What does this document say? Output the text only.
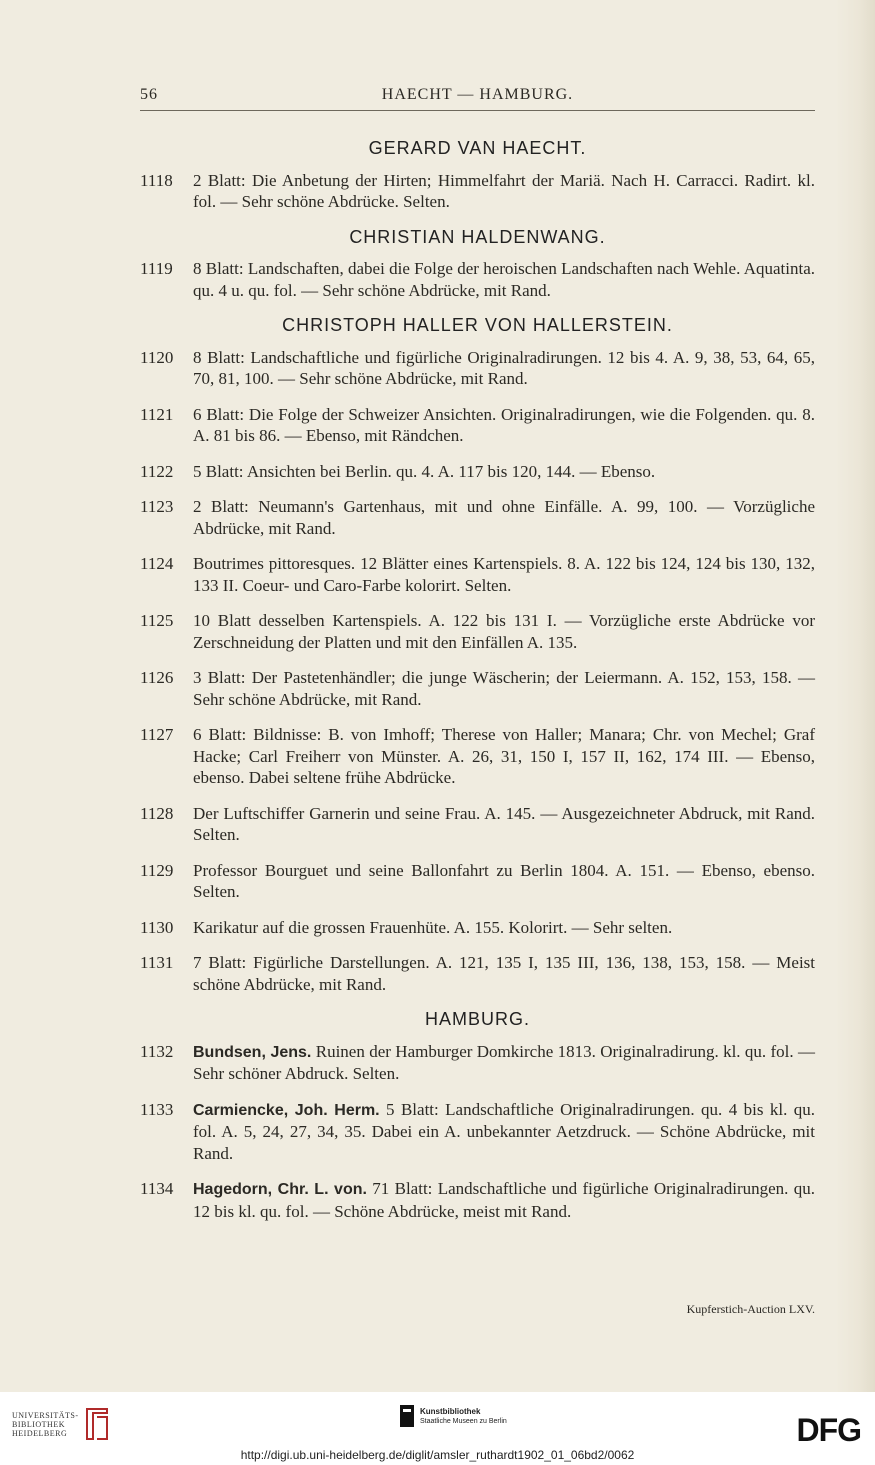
56	HAECHT — HAMBURG.
GERARD VAN HAECHT.
1118 2 Blatt: Die Anbetung der Hirten; Himmelfahrt der Mariä. Nach H. Carracci. Radirt. kl. fol. — Sehr schöne Abdrücke. Selten.
CHRISTIAN HALDENWANG.
1119 8 Blatt: Landschaften, dabei die Folge der heroischen Landschaften nach Wehle. Aquatinta. qu. 4 u. qu. fol. — Sehr schöne Abdrücke, mit Rand.
CHRISTOPH HALLER VON HALLERSTEIN.
1120 8 Blatt: Landschaftliche und figürliche Originalradirungen. 12 bis 4. A. 9, 38, 53, 64, 65, 70, 81, 100. — Sehr schöne Abdrücke, mit Rand.
1121 6 Blatt: Die Folge der Schweizer Ansichten. Originalradirungen, wie die Folgenden. qu. 8. A. 81 bis 86. — Ebenso, mit Rändchen.
1122 5 Blatt: Ansichten bei Berlin. qu. 4. A. 117 bis 120, 144. — Ebenso.
1123 2 Blatt: Neumann's Gartenhaus, mit und ohne Einfälle. A. 99, 100. — Vorzügliche Abdrücke, mit Rand.
1124 Boutrimes pittoresques. 12 Blätter eines Kartenspiels. 8. A. 122 bis 124, 124 bis 130, 132, 133 II. Coeur- und Caro-Farbe kolorirt. Selten.
1125 10 Blatt desselben Kartenspiels. A. 122 bis 131 I. — Vorzügliche erste Abdrücke vor Zerschneidung der Platten und mit den Einfällen A. 135.
1126 3 Blatt: Der Pastetenhändler; die junge Wäscherin; der Leiermann. A. 152, 153, 158. — Sehr schöne Abdrücke, mit Rand.
1127 6 Blatt: Bildnisse: B. von Imhoff; Therese von Haller; Manara; Chr. von Mechel; Graf Hacke; Carl Freiherr von Münster. A. 26, 31, 150 I, 157 II, 162, 174 III. — Ebenso, ebenso. Dabei seltene frühe Abdrücke.
1128 Der Luftschiffer Garnerin und seine Frau. A. 145. — Ausgezeichneter Abdruck, mit Rand. Selten.
1129 Professor Bourguet und seine Ballonfahrt zu Berlin 1804. A. 151. — Ebenso, ebenso. Selten.
1130 Karikatur auf die grossen Frauenhüte. A. 155. Kolorirt. — Sehr selten.
1131 7 Blatt: Figürliche Darstellungen. A. 121, 135 I, 135 III, 136, 138, 153, 158. — Meist schöne Abdrücke, mit Rand.
HAMBURG.
1132 Bundsen, Jens. Ruinen der Hamburger Domkirche 1813. Originalradirung. kl. qu. fol. — Sehr schöner Abdruck. Selten.
1133 Carmiencke, Joh. Herm. 5 Blatt: Landschaftliche Originalradirungen. qu. 4 bis kl. qu. fol. A. 5, 24, 27, 34, 35. Dabei ein A. unbekannter Aetzdruck. — Schöne Abdrücke, mit Rand.
1134 Hagedorn, Chr. L. von. 71 Blatt: Landschaftliche und figürliche Originalradirungen. qu. 12 bis kl. qu. fol. — Schöne Abdrücke, meist mit Rand.
Kupferstich-Auction LXV.
UNIVERSITÄTS-
BIBLIOTHEK
HEIDELBERG
Kunstbibliothek
Staatliche Museen zu Berlin	DFG
http://digi.ub.uni-heidelberg.de/diglit/amsler_ruthardt1902_01_06bd2/0062
